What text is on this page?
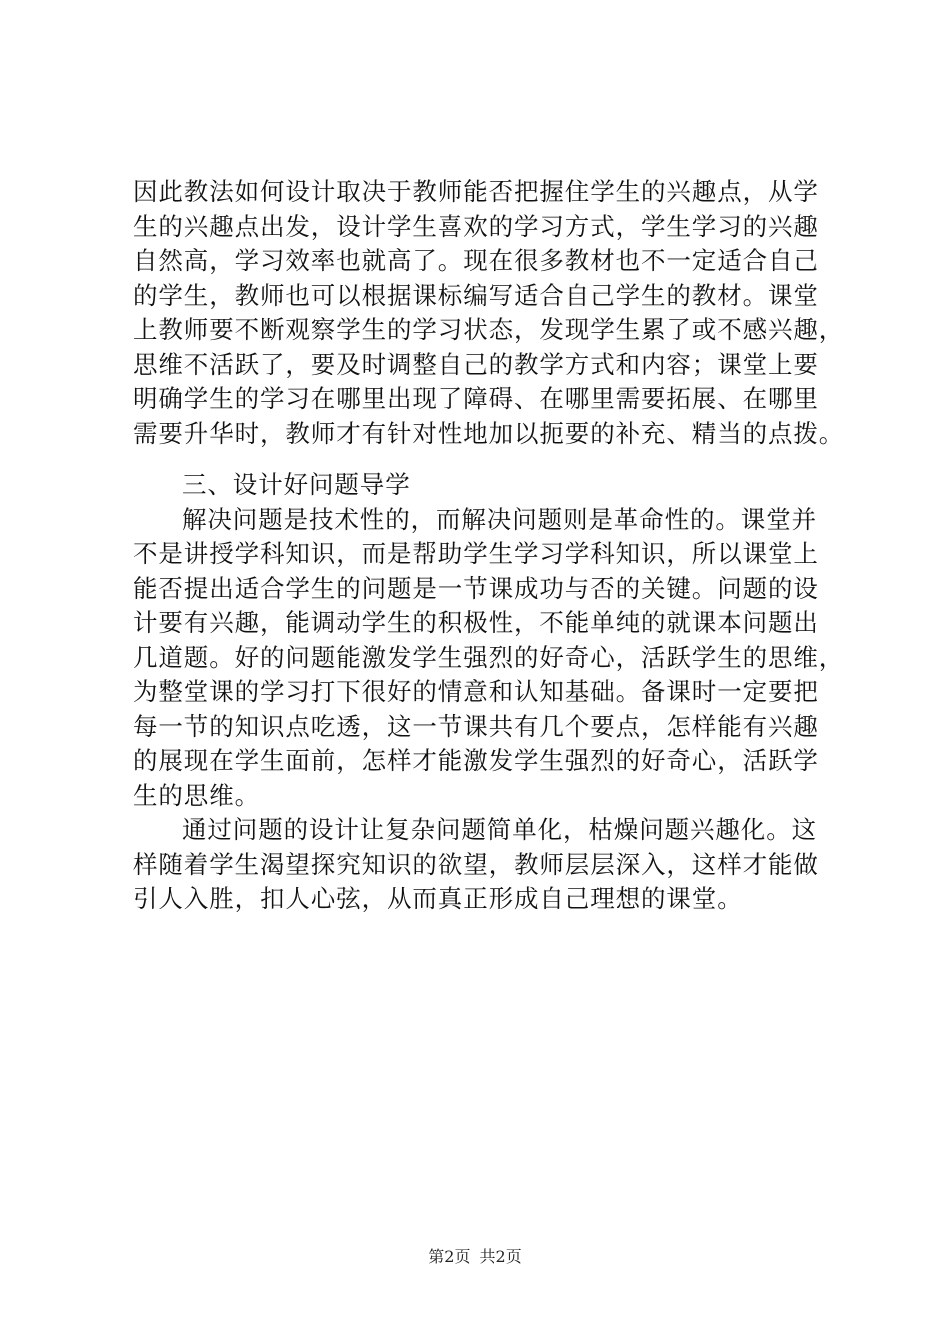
因此教法如何设计取决于教师能否把握住学生的兴趣点，从学
生的兴趣点出发，设计学生喜欢的学习方式，学生学习的兴趣
自然高，学习效率也就高了。现在很多教材也不一定适合自己
的学生，教师也可以根据课标编写适合自己学生的教材。课堂
上教师要不断观察学生的学习状态，发现学生累了或不感兴趣，
思维不活跃了，要及时调整自己的教学方式和内容；课堂上要
明确学生的学习在哪里出现了障碍、在哪里需要拓展、在哪里
需要升华时，教师才有针对性地加以扼要的补充、精当的点拨。
三、设计好问题导学
解决问题是技术性的，而解决问题则是革命性的。课堂并
不是讲授学科知识，而是帮助学生学习学科知识，所以课堂上
能否提出适合学生的问题是一节课成功与否的关键。问题的设
计要有兴趣，能调动学生的积极性，不能单纯的就课本问题出
几道题。好的问题能激发学生强烈的好奇心，活跃学生的思维，
为整堂课的学习打下很好的情意和认知基础。备课时一定要把
每一节的知识点吃透，这一节课共有几个要点，怎样能有兴趣
的展现在学生面前，怎样才能激发学生强烈的好奇心，活跃学
生的思维。
通过问题的设计让复杂问题简单化，枯燥问题兴趣化。这
样随着学生渴望探究知识的欲望，教师层层深入，这样才能做
引人入胜，扣人心弦，从而真正形成自己理想的课堂。
第2页 共2页
